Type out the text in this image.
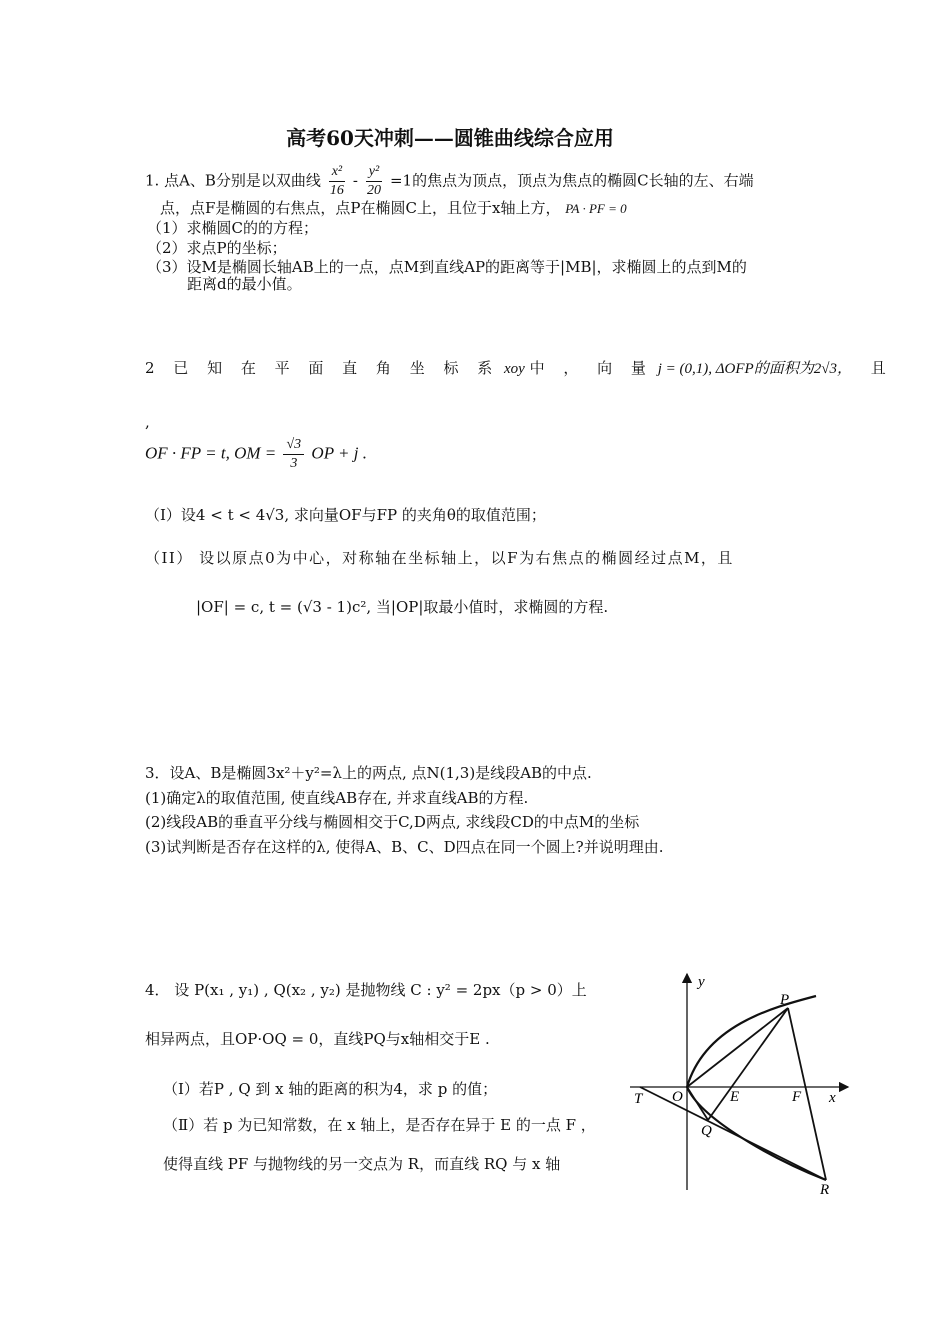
高考60天冲刺——圆锥曲线综合应用
1. 点A、B分别是以双曲线 $\frac{\text{x²}}{16} - \frac{\text{y²}}{20} =1$的焦点为顶点，顶点为焦点的椭圆C长轴的左、右端
点，点F是椭圆的右焦点，点P在椭圆C上，且位于x轴上方， PA · PF = 0
（1）求椭圆C的的方程；
（2）求点P的坐标；
（3）设M是椭圆长轴AB上的一点，点M到直线AP的距离等于|MB|，求椭圆上的点到M的
距离d的最小值。
2 已 知 在 平 面 直 角 坐 标 系 xoy 中 ， 向 量 j = (0,1), ΔOFP的面积为2√3， 且
,
OF · FP = t, OM = $\frac{√3}{3}$ OP + j .
（I）设4 < t < 4√3, 求向量OF与FP 的夹角θ的取值范围；
（II） 设以原点0为中心，对称轴在坐标轴上，以F为右焦点的椭圆经过点M，且
|OF| = c, t = (√3 - 1)c², 当|OP|取最小值时，求椭圆的方程.
3．设A、B是椭圆3x²＋y²=λ上的两点, 点N(1,3)是线段AB的中点.
(1)确定λ的取值范围, 使直线AB存在, 并求直线AB的方程.
(2)线段AB的垂直平分线与椭圆相交于C,D两点, 求线段CD的中点M的坐标
(3)试判断是否存在这样的λ, 使得A、B、C、D四点在同一个圆上?并说明理由.
4． 设 P(x₁ , y₁) , Q(x₂ , y₂) 是抛物线 C : y² = 2px（p > 0）上
相异两点，且OP·OQ = 0，直线PQ与x轴相交于E .
（Ⅰ）若P , Q 到 x 轴的距离的积为4，求 p 的值；
（Ⅱ）若 p 为已知常数，在 x 轴上，是否存在异于 E 的一点 F ，
使得直线 PF 与抛物线的另一交点为 R，而直线 RQ 与 x 轴
y
P
T O	E	F x
Q
R
